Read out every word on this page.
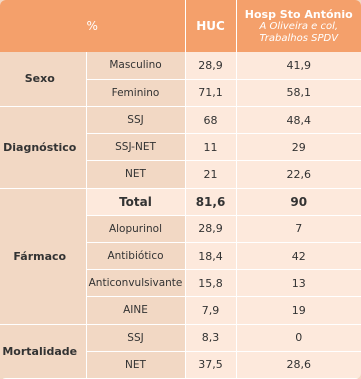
%		HUC	Hosp Sto António
A Oliveira e col,
Trabalhos SPDV

Sexo	Masculino	28,9	41,9
	Feminino	71,1	58,1
Diagnóstico	SSJ	68	48,4
	SSJ-NET	11	29
	NET	21	22,6
Fármaco	Total	81,6	90
	Alopurinol	28,9	7
	Antibiótico	18,4	42
	Anticonvulsivante	15,8	13
	AINE	7,9	19
Mortalidade	SSJ	8,3	0
	NET	37,5	28,6
